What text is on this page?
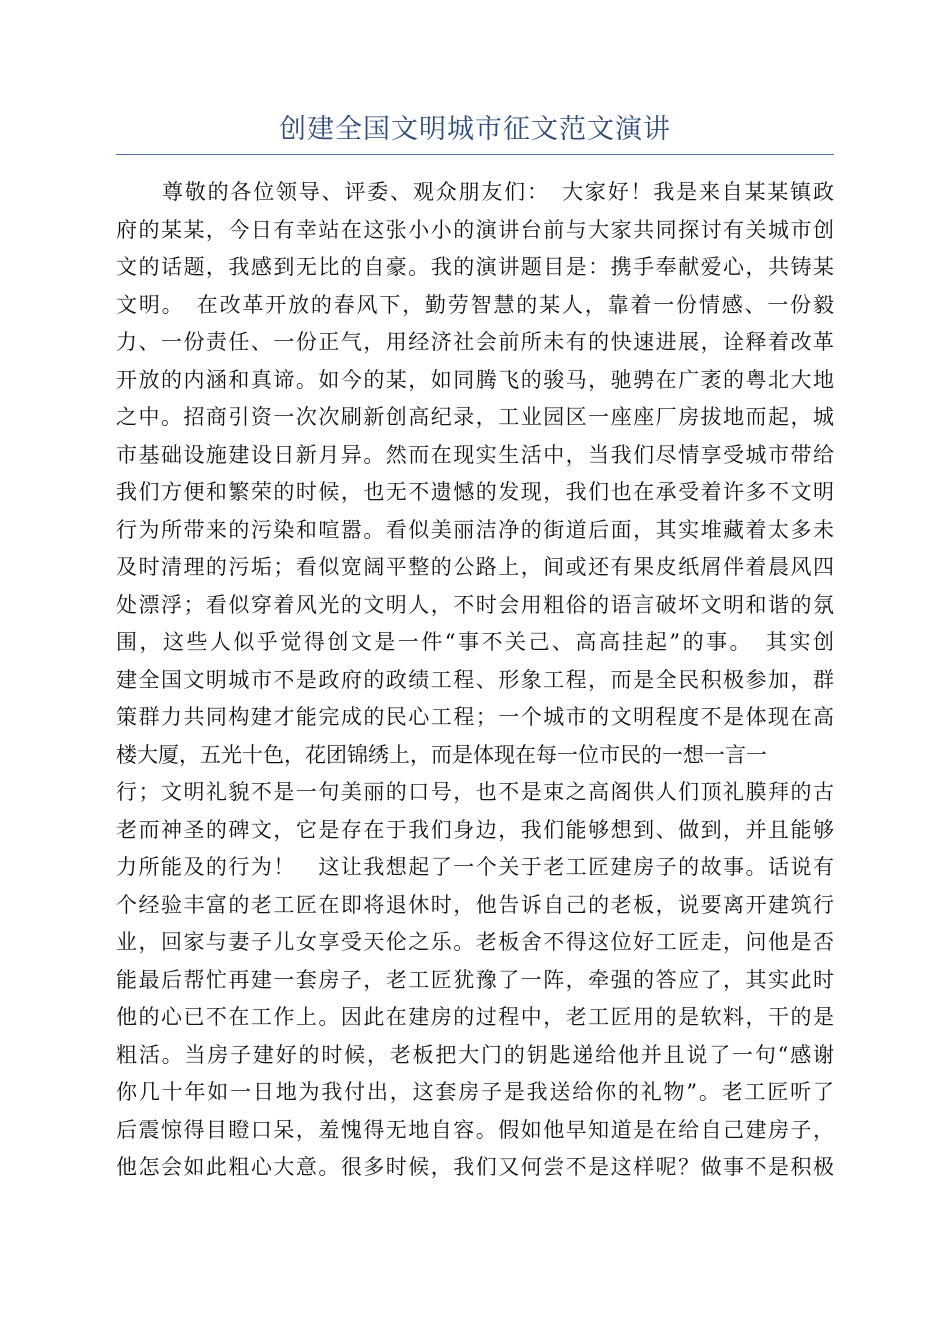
创建全国文明城市征文范文演讲
尊敬的各位领导、评委、观众朋友们：　大家好！我是来自某某镇政
府的某某，今日有幸站在这张小小的演讲台前与大家共同探讨有关城市创
文的话题，我感到无比的自豪。我的演讲题目是：携手奉献爱心，共铸某
文明。　在改革开放的春风下，勤劳智慧的某人，靠着一份情感、一份毅
力、一份责任、一份正气，用经济社会前所未有的快速进展，诠释着改革
开放的内涵和真谛。如今的某，如同腾飞的骏马，驰骋在广袤的粤北大地
之中。招商引资一次次刷新创高纪录，工业园区一座座厂房拔地而起，城
市基础设施建设日新月异。然而在现实生活中，当我们尽情享受城市带给
我们方便和繁荣的时候，也无不遗憾的发现，我们也在承受着许多不文明
行为所带来的污染和喧嚣。看似美丽洁净的街道后面，其实堆藏着太多未
及时清理的污垢；看似宽阔平整的公路上，间或还有果皮纸屑伴着晨风四
处漂浮；看似穿着风光的文明人，不时会用粗俗的语言破坏文明和谐的氛
围，这些人似乎觉得创文是一件“事不关己、高高挂起”的事。　其实创
建全国文明城市不是政府的政绩工程、形象工程，而是全民积极参加，群
策群力共同构建才能完成的民心工程；一个城市的文明程度不是体现在高
楼大厦，五光十色，花团锦绣上，而是体现在每一位市民的一想一言一
行；文明礼貌不是一句美丽的口号，也不是束之高阁供人们顶礼膜拜的古
老而神圣的碑文，它是存在于我们身边，我们能够想到、做到，并且能够
力所能及的行为！　这让我想起了一个关于老工匠建房子的故事。话说有
个经验丰富的老工匠在即将退休时，他告诉自己的老板，说要离开建筑行
业，回家与妻子儿女享受天伦之乐。老板舍不得这位好工匠走，问他是否
能最后帮忙再建一套房子，老工匠犹豫了一阵，牵强的答应了，其实此时
他的心已不在工作上。因此在建房的过程中，老工匠用的是软料，干的是
粗活。当房子建好的时候，老板把大门的钥匙递给他并且说了一句“感谢
你几十年如一日地为我付出，这套房子是我送给你的礼物”。老工匠听了
后震惊得目瞪口呆，羞愧得无地自容。假如他早知道是在给自己建房子，
他怎会如此粗心大意。很多时候，我们又何尝不是这样呢？做事不是积极
